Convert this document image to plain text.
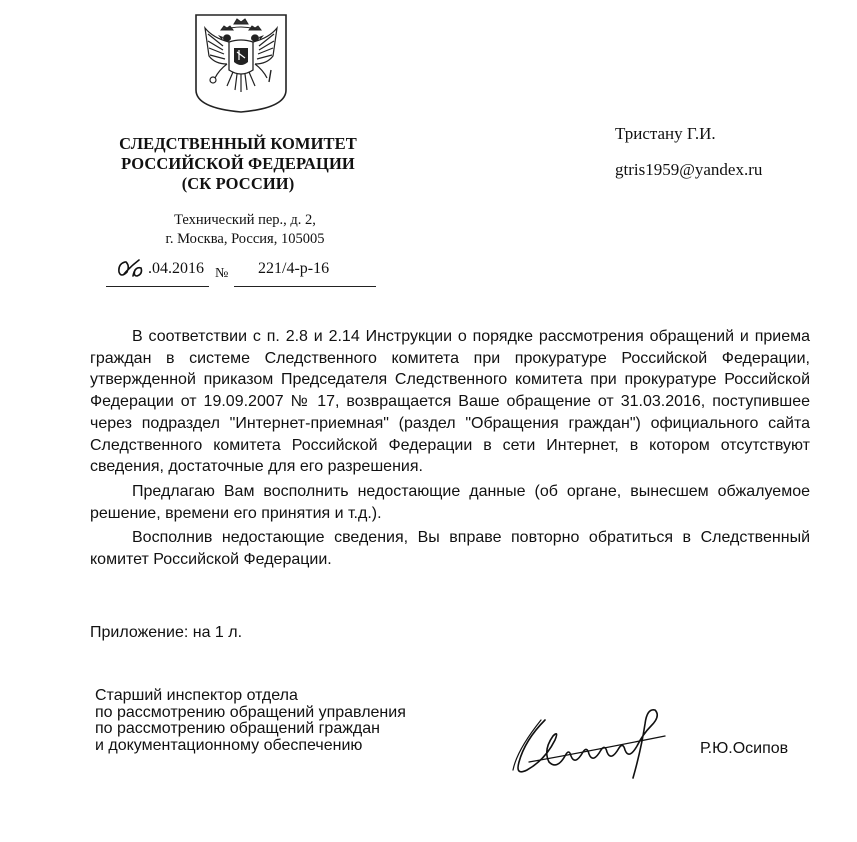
СЛЕДСТВЕННЫЙ КОМИТЕТ
РОССИЙСКОЙ ФЕДЕРАЦИИ
(СК РОССИИ)
Технический пер., д. 2,
г. Москва, Россия, 105005
.04.2016 № 221/4-р-16
Тристану Г.И.
gtris1959@yandex.ru

В соответствии с п. 2.8 и 2.14 Инструкции о порядке рассмотрения обращений и приема граждан в системе Следственного комитета при прокуратуре Российской Федерации, утвержденной приказом Председателя Следственного комитета при прокуратуре Российской Федерации от 19.09.2007 № 17, возвращается Ваше обращение от 31.03.2016, поступившее через подраздел "Интернет-приемная" (раздел "Обращения граждан") официального сайта Следственного комитета Российской Федерации в сети Интернет, в котором отсутствуют сведения, достаточные для его разрешения.

Предлагаю Вам восполнить недостающие данные (об органе, вынесшем обжалуемое решение, времени его принятия и т.д.).

Восполнив недостающие сведения, Вы вправе повторно обратиться в Следственный комитет Российской Федерации.

Приложение: на 1 л.
Старший инспектор отдела
по рассмотрению обращений управления
по рассмотрению обращений граждан
и документационному обеспечению	Р.Ю.Осипов
